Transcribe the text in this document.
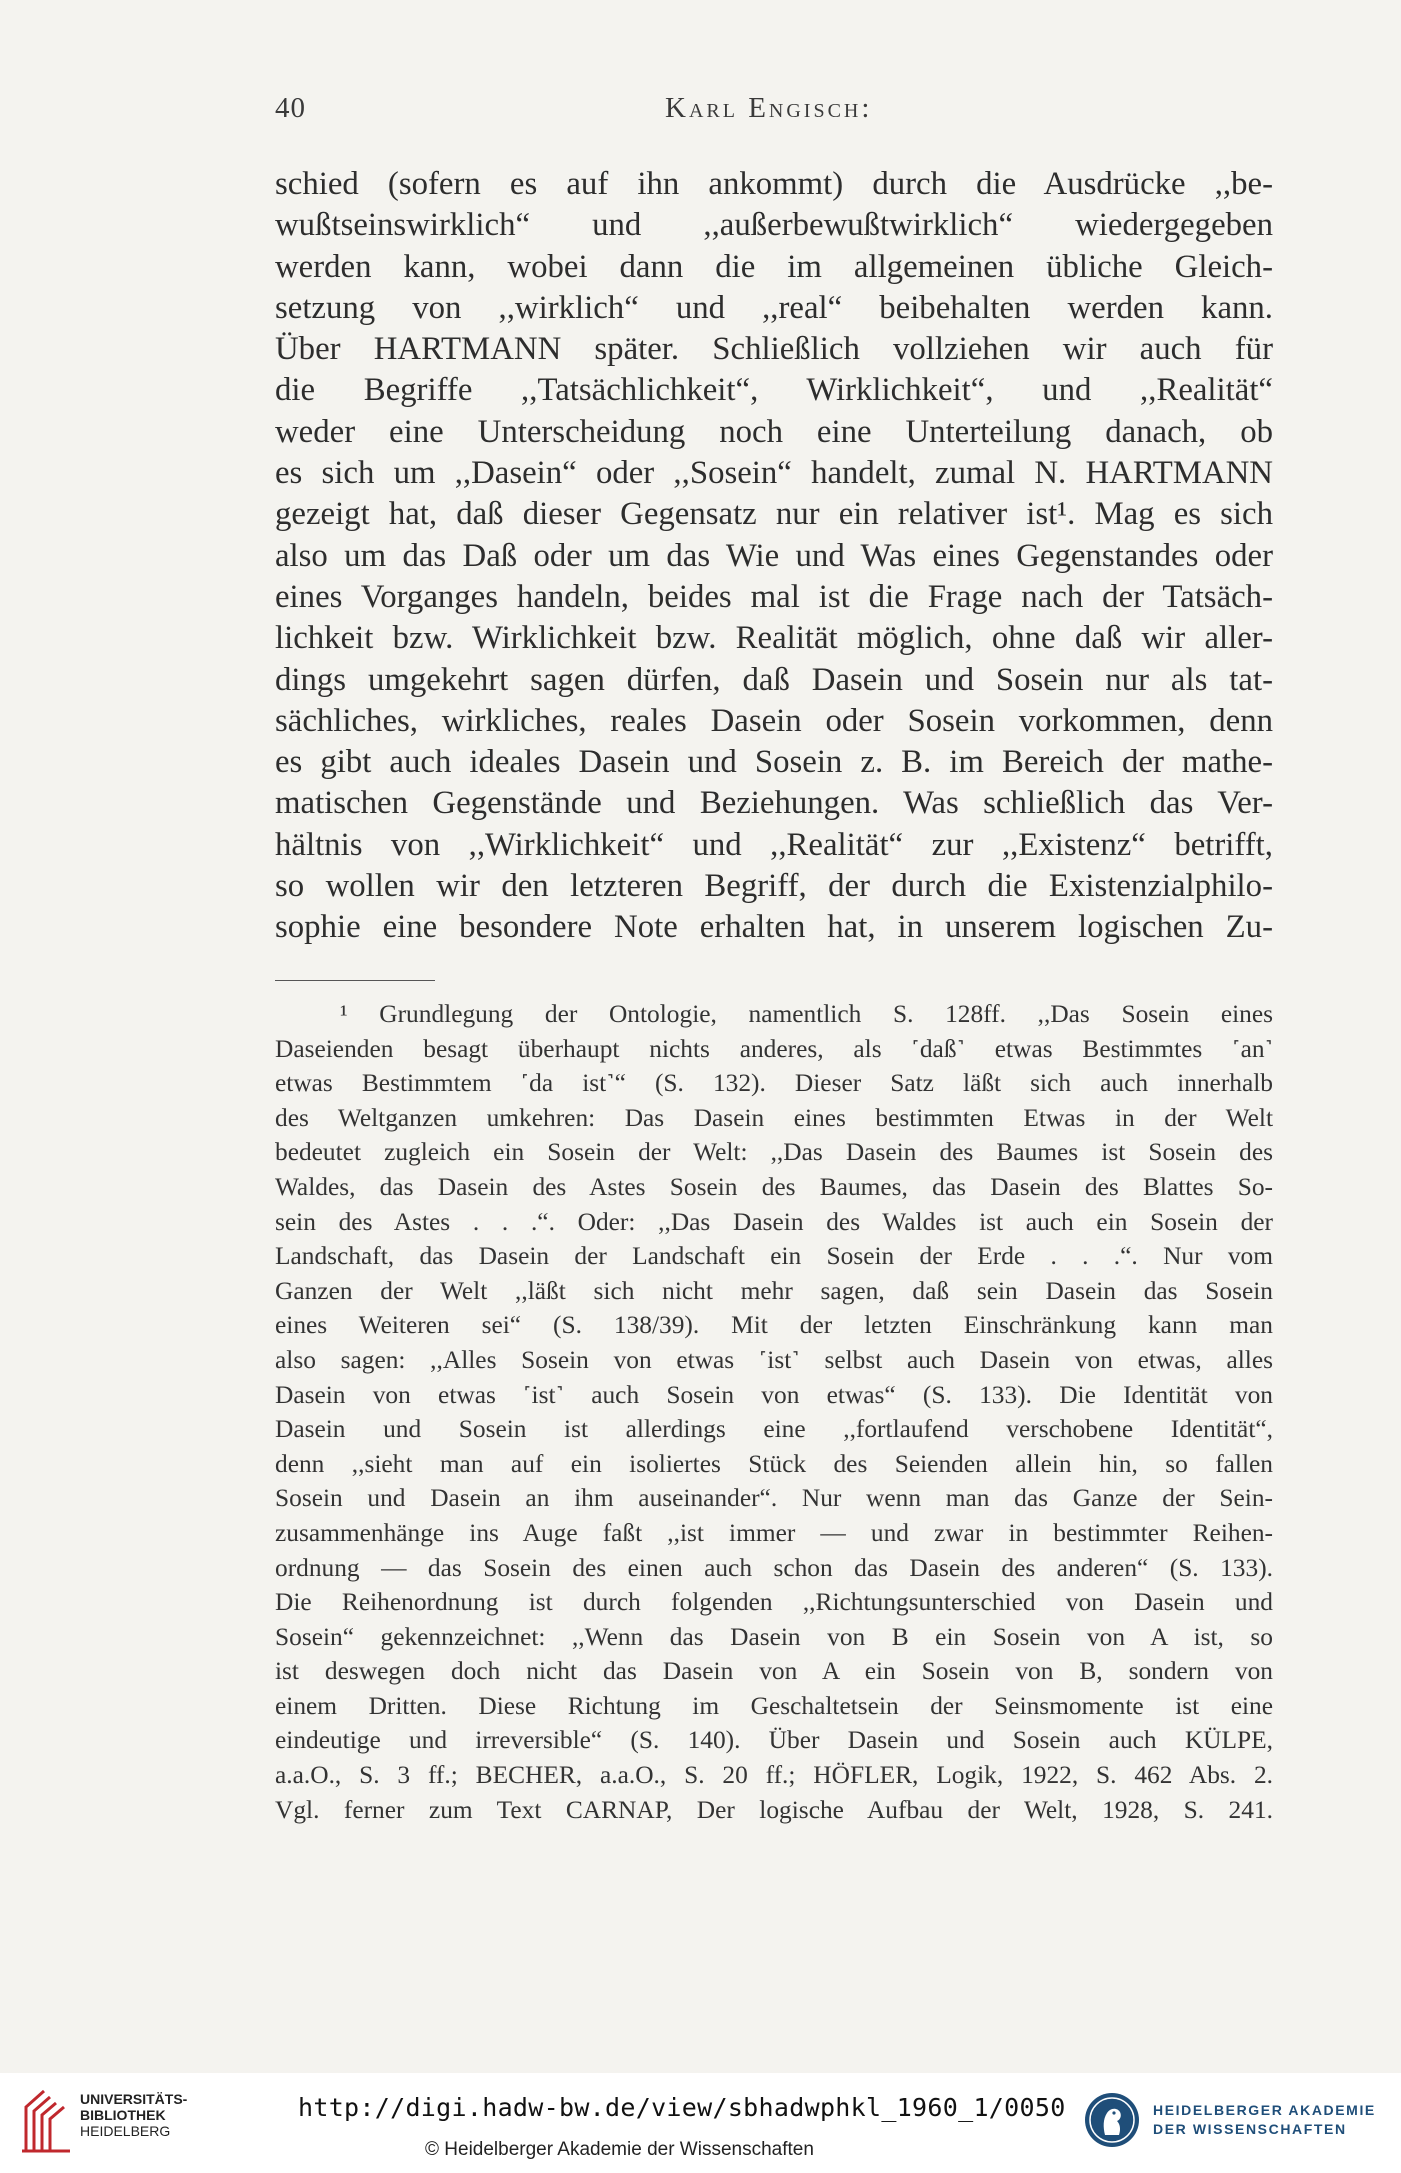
40	Karl Engisch:
schied (sofern es auf ihn ankommt) durch die Ausdrücke ,,be-
wußtseinswirklich“ und ,,außerbewußtwirklich“ wiedergegeben
werden kann, wobei dann die im allgemeinen übliche Gleich-
setzung von ,,wirklich“ und ,,real“ beibehalten werden kann.
Über HARTMANN später. Schließlich vollziehen wir auch für
die Begriffe ,,Tatsächlichkeit“, Wirklichkeit“, und ,,Realität“
weder eine Unterscheidung noch eine Unterteilung danach, ob
es sich um ,,Dasein“ oder ,,Sosein“ handelt, zumal N. HARTMANN
gezeigt hat, daß dieser Gegensatz nur ein relativer ist¹. Mag es sich
also um das Daß oder um das Wie und Was eines Gegenstandes oder
eines Vorganges handeln, beides mal ist die Frage nach der Tatsäch-
lichkeit bzw. Wirklichkeit bzw. Realität möglich, ohne daß wir aller-
dings umgekehrt sagen dürfen, daß Dasein und Sosein nur als tat-
sächliches, wirkliches, reales Dasein oder Sosein vorkommen, denn
es gibt auch ideales Dasein und Sosein z. B. im Bereich der mathe-
matischen Gegenstände und Beziehungen. Was schließlich das Ver-
hältnis von ,,Wirklichkeit“ und ,,Realität“ zur ,,Existenz“ betrifft,
so wollen wir den letzteren Begriff, der durch die Existenzialphilo-
sophie eine besondere Note erhalten hat, in unserem logischen Zu-
¹ Grundlegung der Ontologie, namentlich S. 128ff. ,,Das Sosein eines
Daseienden besagt überhaupt nichts anderes, als ˹daß˺ etwas Bestimmtes ˹an˺
etwas Bestimmtem ˹da ist˺“ (S. 132). Dieser Satz läßt sich auch innerhalb
des Weltganzen umkehren: Das Dasein eines bestimmten Etwas in der Welt
bedeutet zugleich ein Sosein der Welt: ,,Das Dasein des Baumes ist Sosein des
Waldes, das Dasein des Astes Sosein des Baumes, das Dasein des Blattes So-
sein des Astes . . .“. Oder: ,,Das Dasein des Waldes ist auch ein Sosein der
Landschaft, das Dasein der Landschaft ein Sosein der Erde . . .“. Nur vom
Ganzen der Welt ,,läßt sich nicht mehr sagen, daß sein Dasein das Sosein
eines Weiteren sei“ (S. 138/39). Mit der letzten Einschränkung kann man
also sagen: ,,Alles Sosein von etwas ˹ist˺ selbst auch Dasein von etwas, alles
Dasein von etwas ˹ist˺ auch Sosein von etwas“ (S. 133). Die Identität von
Dasein und Sosein ist allerdings eine ,,fortlaufend verschobene Identität“,
denn ,,sieht man auf ein isoliertes Stück des Seienden allein hin, so fallen
Sosein und Dasein an ihm auseinander“. Nur wenn man das Ganze der Sein-
zusammenhänge ins Auge faßt ,,ist immer — und zwar in bestimmter Reihen-
ordnung — das Sosein des einen auch schon das Dasein des anderen“ (S. 133).
Die Reihenordnung ist durch folgenden ,,Richtungsunterschied von Dasein und
Sosein“ gekennzeichnet: ,,Wenn das Dasein von B ein Sosein von A ist, so
ist deswegen doch nicht das Dasein von A ein Sosein von B, sondern von
einem Dritten. Diese Richtung im Geschaltetsein der Seinsmomente ist eine
eindeutige und irreversible“ (S. 140). Über Dasein und Sosein auch KÜLPE,
a.a.O., S. 3 ff.; BECHER, a.a.O., S. 20 ff.; HÖFLER, Logik, 1922, S. 462 Abs. 2.
Vgl. ferner zum Text CARNAP, Der logische Aufbau der Welt, 1928, S. 241.
UNIVERSITÄTS-
BIBLIOTHEK
HEIDELBERG
http://digi.hadw-bw.de/view/sbhadwphkl_1960_1/0050
© Heidelberger Akademie der Wissenschaften
HEIDELBERGER AKADEMIE
DER WISSENSCHAFTEN
